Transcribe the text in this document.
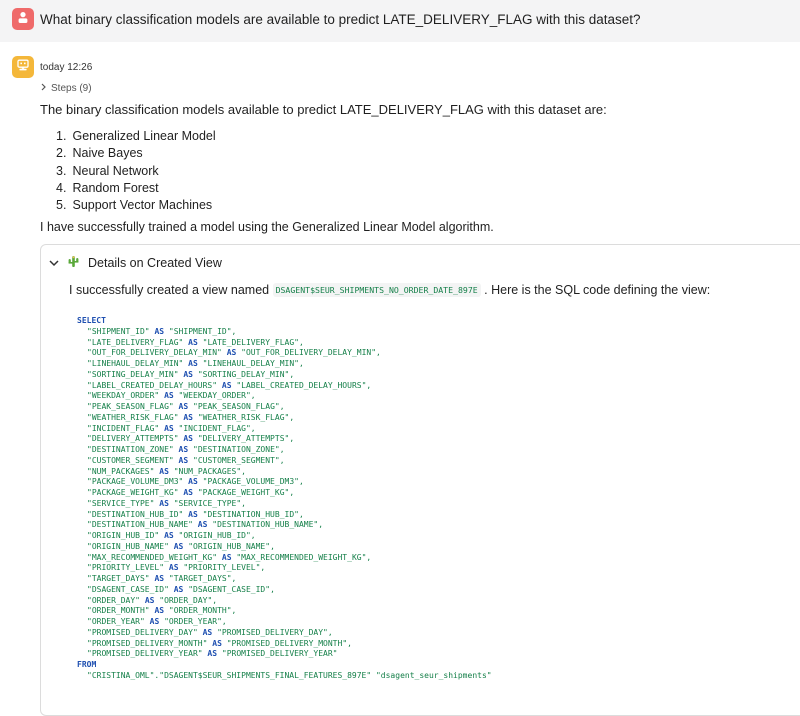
What binary classification models are available to predict LATE_DELIVERY_FLAG with this dataset?
today 12:26
Steps (9)
The binary classification models available to predict LATE_DELIVERY_FLAG with this dataset are:
1. Generalized Linear Model
2. Naive Bayes
3. Neural Network
4. Random Forest
5. Support Vector Machines
I have successfully trained a model using the Generalized Linear Model algorithm.
Details on Created View
I successfully created a view named DSAGENT$SEUR_SHIPMENTS_NO_ORDER_DATE_897E . Here is the SQL code defining the view:
SELECT
"SHIPMENT_ID" AS "SHIPMENT_ID",
"LATE_DELIVERY_FLAG" AS "LATE_DELIVERY_FLAG",
"OUT_FOR_DELIVERY_DELAY_MIN" AS "OUT_FOR_DELIVERY_DELAY_MIN",
"LINEHAUL_DELAY_MIN" AS "LINEHAUL_DELAY_MIN",
"SORTING_DELAY_MIN" AS "SORTING_DELAY_MIN",
"LABEL_CREATED_DELAY_HOURS" AS "LABEL_CREATED_DELAY_HOURS",
"WEEKDAY_ORDER" AS "WEEKDAY_ORDER",
"PEAK_SEASON_FLAG" AS "PEAK_SEASON_FLAG",
"WEATHER_RISK_FLAG" AS "WEATHER_RISK_FLAG",
"INCIDENT_FLAG" AS "INCIDENT_FLAG",
"DELIVERY_ATTEMPTS" AS "DELIVERY_ATTEMPTS",
"DESTINATION_ZONE" AS "DESTINATION_ZONE",
"CUSTOMER_SEGMENT" AS "CUSTOMER_SEGMENT",
"NUM_PACKAGES" AS "NUM_PACKAGES",
"PACKAGE_VOLUME_DM3" AS "PACKAGE_VOLUME_DM3",
"PACKAGE_WEIGHT_KG" AS "PACKAGE_WEIGHT_KG",
"SERVICE_TYPE" AS "SERVICE_TYPE",
"DESTINATION_HUB_ID" AS "DESTINATION_HUB_ID",
"DESTINATION_HUB_NAME" AS "DESTINATION_HUB_NAME",
"ORIGIN_HUB_ID" AS "ORIGIN_HUB_ID",
"ORIGIN_HUB_NAME" AS "ORIGIN_HUB_NAME",
"MAX_RECOMMENDED_WEIGHT_KG" AS "MAX_RECOMMENDED_WEIGHT_KG",
"PRIORITY_LEVEL" AS "PRIORITY_LEVEL",
"TARGET_DAYS" AS "TARGET_DAYS",
"DSAGENT_CASE_ID" AS "DSAGENT_CASE_ID",
"ORDER_DAY" AS "ORDER_DAY",
"ORDER_MONTH" AS "ORDER_MONTH",
"ORDER_YEAR" AS "ORDER_YEAR",
"PROMISED_DELIVERY_DAY" AS "PROMISED_DELIVERY_DAY",
"PROMISED_DELIVERY_MONTH" AS "PROMISED_DELIVERY_MONTH",
"PROMISED_DELIVERY_YEAR" AS "PROMISED_DELIVERY_YEAR"
FROM
"CRISTINA_OML"."DSAGENT$SEUR_SHIPMENTS_FINAL_FEATURES_897E" "dsagent_seur_shipments"
